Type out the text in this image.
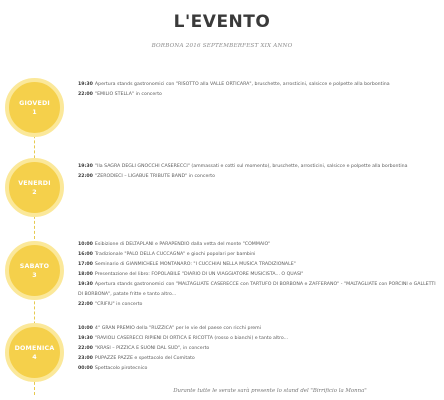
L'EVENTO
BORBONA 2016 SEPTEMBERFEST XIX ANNO
GIOVEDI
1
19:30 Apertura stands gastronomici con "RISOTTO alla VALLE ORTICARA", bruschette, arrosticini, salsicce e polpette alla borbontina
22:00 "EMILIO STELLA" in concerto
VENERDI
2
19:30 "Ila SAGRA DEGLI GNOCCHI CASERECCI" (ammassati e cotti sul momento), bruschette, arrosticini, salsicce e polpette alla borbontina
22:00 "ZERODIECI – LIGABUE TRIBUTE BAND" in concerto
SABATO
3
10:00 Esibizione di DELTAPLANI e PARAPENDIO dalla vetta del monte "COMMAIO"
16:00 Tradizionale "PALO DELLA CUCCAGNA" e giochi popolari per bambini
17:00 Seminario di GIANMICHELE MONTANARO: "I CUCCHIAI NELLA MUSICA TRADIZIONALE"
18:00 Presentazione del libro: FOPOLABILE "DIARIO DI UN VIAGGIATORE MUSICISTA... O QUASI"
19:30 Apertura stands gastronomici con "MALTAGLIATE CASERECCE con TARTUFO DI BORBONA e ZAFFERANO" - "MALTAGLIATE con PORCINI e GALLETTI DI BORBONA", patate fritte e tanto altro...
22:00 "CRIFIU" in concerto
DOMENICA
4
10:00 4° GRAN PREMIO della "RUZZICA" per le vie del paese con ricchi premi
19:30 "RAVIOLI CASERECCI RIPIENI DI ORTICA E RICOTTA (rosso o bianchi) e tanto altro...
22:00 "KRASI – PIZZICA E SUONI DAL SUD", in concerto
23:00 PUPAZZE PAZZE e spettacolo del Comitato
00:00 Spettacolo pirotecnico
Durante tutte le serate sarà presente lo stand del "Birrificio la Monna"
